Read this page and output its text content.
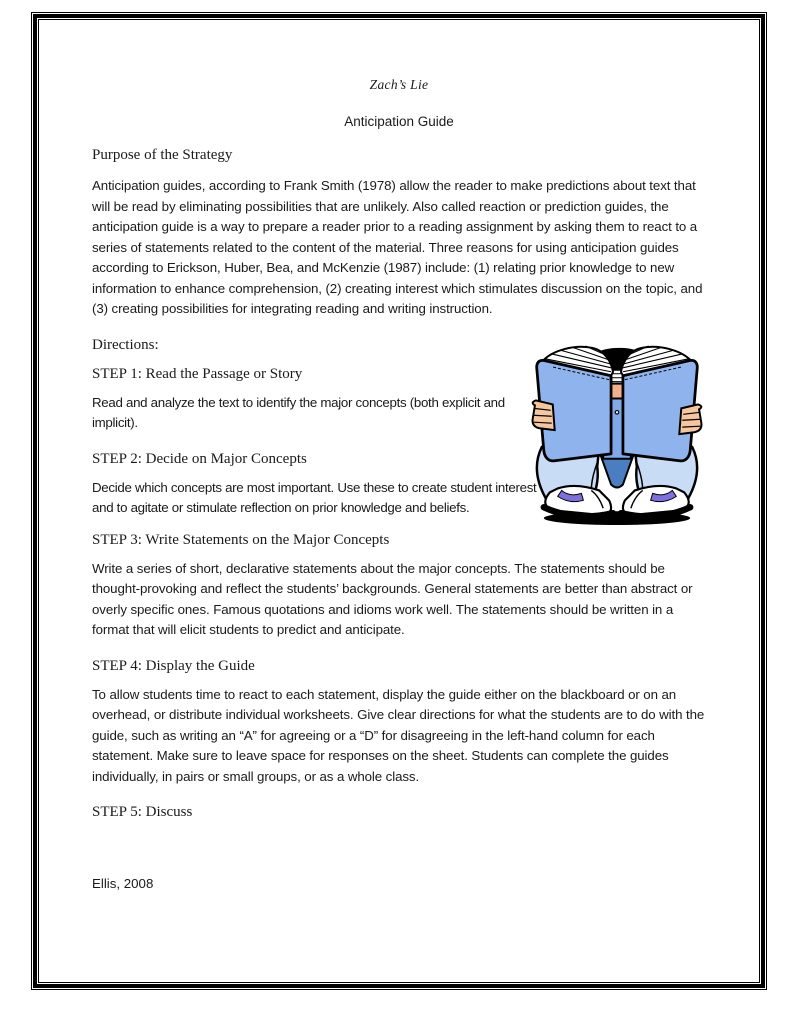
Zach’s Lie

Anticipation Guide

Purpose of the Strategy

Anticipation guides, according to Frank Smith (1978) allow the reader to make predictions about text that will be read by eliminating possibilities that are unlikely. Also called reaction or prediction guides, the anticipation guide is a way to prepare a reader prior to a reading assignment by asking them to react to a series of statements related to the content of the material. Three reasons for using anticipation guides according to Erickson, Huber, Bea, and McKenzie (1987) include: (1) relating prior knowledge to new information to enhance comprehension, (2) creating interest which stimulates discussion on the topic, and (3) creating possibilities for integrating reading and writing instruction.

Directions:

STEP 1: Read the Passage or Story

Read and analyze the text to identify the major concepts (both explicit and implicit).

STEP 2: Decide on Major Concepts

Decide which concepts are most important. Use these to create student interest and to agitate or stimulate reflection on prior knowledge and beliefs.

STEP 3: Write Statements on the Major Concepts

Write a series of short, declarative statements about the major concepts. The statements should be thought-provoking and reflect the students’ backgrounds. General statements are better than abstract or overly specific ones. Famous quotations and idioms work well. The statements should be written in a format that will elicit students to predict and anticipate.

STEP 4: Display the Guide

To allow students time to react to each statement, display the guide either on the blackboard or on an overhead, or distribute individual worksheets. Give clear directions for what the students are to do with the guide, such as writing an “A” for agreeing or a “D” for disagreeing in the left-hand column for each statement. Make sure to leave space for responses on the sheet. Students can complete the guides individually, in pairs or small groups, or as a whole class.

STEP 5: Discuss

Ellis, 2008
